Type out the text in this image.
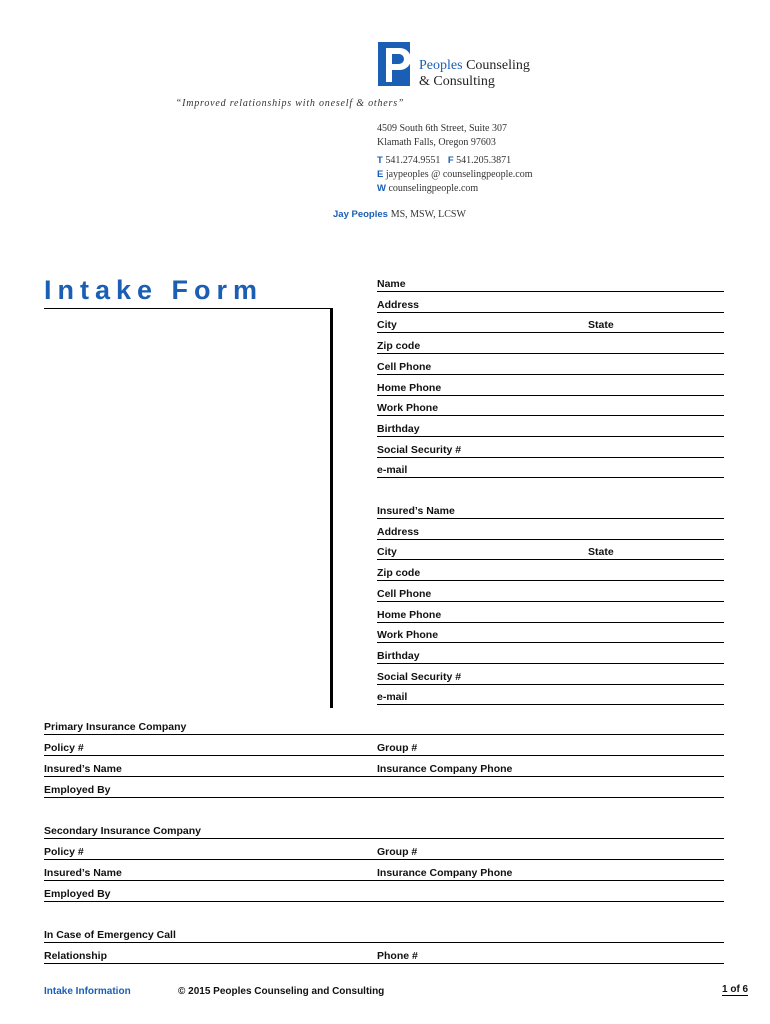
Peoples Counseling
& Consulting
“Improved relationships with oneself & others”
4509 South 6th Street, Suite 307
Klamath Falls, Oregon 97603
T 541.274.9551 F 541.205.3871
E jaypeoples @ counselingpeople.com
W counselingpeople.com
Jay Peoples MS, MSW, LCSW
Intake Form	Name
Address
City	State
Zip code
Cell Phone
Home Phone
Work Phone
Birthday
Social Security #
e-mail
Insured’s Name
Address
City	State
Zip code
Cell Phone
Home Phone
Work Phone
Birthday
Social Security #
e-mail
Primary Insurance Company
Policy #	Group #
Insured’s Name	Insurance Company Phone
Employed By
Secondary Insurance Company
Policy #	Group #
Insured’s Name	Insurance Company Phone
Employed By
In Case of Emergency Call
Relationship	Phone #
Intake Information	© 2015 Peoples Counseling and Consulting	1 of 6
